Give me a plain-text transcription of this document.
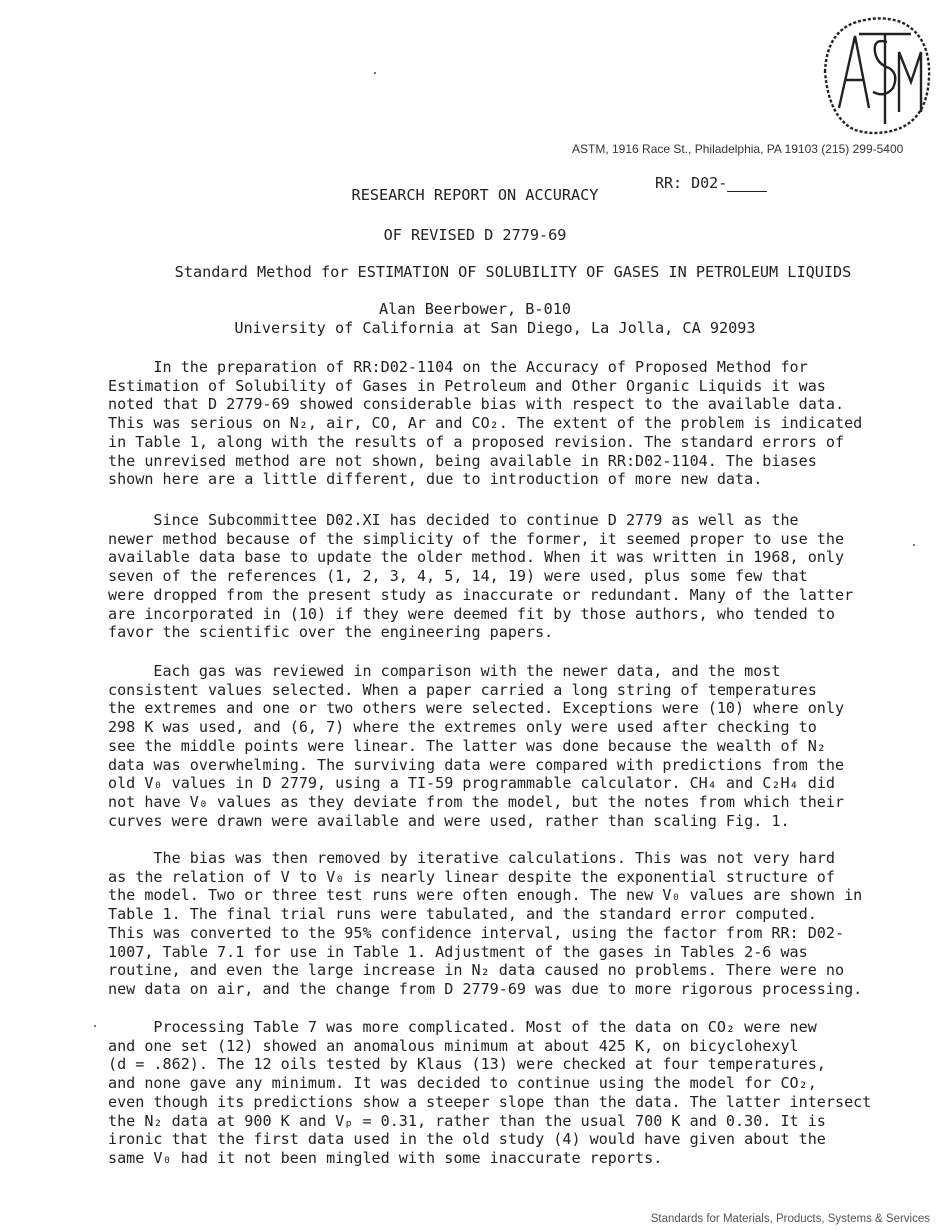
ASTM, 1916 Race St., Philadelphia, PA 19103 (215) 299-5400
RR: D02-
RESEARCH REPORT ON ACCURACY
OF REVISED D 2779-69
Standard Method for ESTIMATION OF SOLUBILITY OF GASES IN PETROLEUM LIQUIDS
Alan Beerbower, B-010
University of California at San Diego, La Jolla, CA 92093
In the preparation of RR:D02-1104 on the Accuracy of Proposed Method for
Estimation of Solubility of Gases in Petroleum and Other Organic Liquids it was
noted that D 2779-69 showed considerable bias with respect to the available data.
This was serious on N₂, air, CO, Ar and CO₂. The extent of the problem is indicated
in Table 1, along with the results of a proposed revision. The standard errors of
the unrevised method are not shown, being available in RR:D02-1104. The biases
shown here are a little different, due to introduction of more new data.
Since Subcommittee D02.XI has decided to continue D 2779 as well as the
newer method because of the simplicity of the former, it seemed proper to use the
available data base to update the older method. When it was written in 1968, only
seven of the references (1, 2, 3, 4, 5, 14, 19) were used, plus some few that
were dropped from the present study as inaccurate or redundant. Many of the latter
are incorporated in (10) if they were deemed fit by those authors, who tended to
favor the scientific over the engineering papers.
Each gas was reviewed in comparison with the newer data, and the most
consistent values selected. When a paper carried a long string of temperatures
the extremes and one or two others were selected. Exceptions were (10) where only
298 K was used, and (6, 7) where the extremes only were used after checking to
see the middle points were linear. The latter was done because the wealth of N₂
data was overwhelming. The surviving data were compared with predictions from the
old V₀ values in D 2779, using a TI-59 programmable calculator. CH₄ and C₂H₄ did
not have V₀ values as they deviate from the model, but the notes from which their
curves were drawn were available and were used, rather than scaling Fig. 1.
The bias was then removed by iterative calculations. This was not very hard
as the relation of V to V₀ is nearly linear despite the exponential structure of
the model. Two or three test runs were often enough. The new V₀ values are shown in
Table 1. The final trial runs were tabulated, and the standard error computed.
This was converted to the 95% confidence interval, using the factor from RR: D02-
1007, Table 7.1 for use in Table 1. Adjustment of the gases in Tables 2-6 was
routine, and even the large increase in N₂ data caused no problems. There were no
new data on air, and the change from D 2779-69 was due to more rigorous processing.
Processing Table 7 was more complicated. Most of the data on CO₂ were new
and one set (12) showed an anomalous minimum at about 425 K, on bicyclohexyl
(d = .862). The 12 oils tested by Klaus (13) were checked at four temperatures,
and none gave any minimum. It was decided to continue using the model for CO₂,
even though its predictions show a steeper slope than the data. The latter intersect
the N₂ data at 900 K and Vₚ = 0.31, rather than the usual 700 K and 0.30. It is
ironic that the first data used in the old study (4) would have given about the
same V₀ had it not been mingled with some inaccurate reports.
Standards for Materials, Products, Systems & Services
